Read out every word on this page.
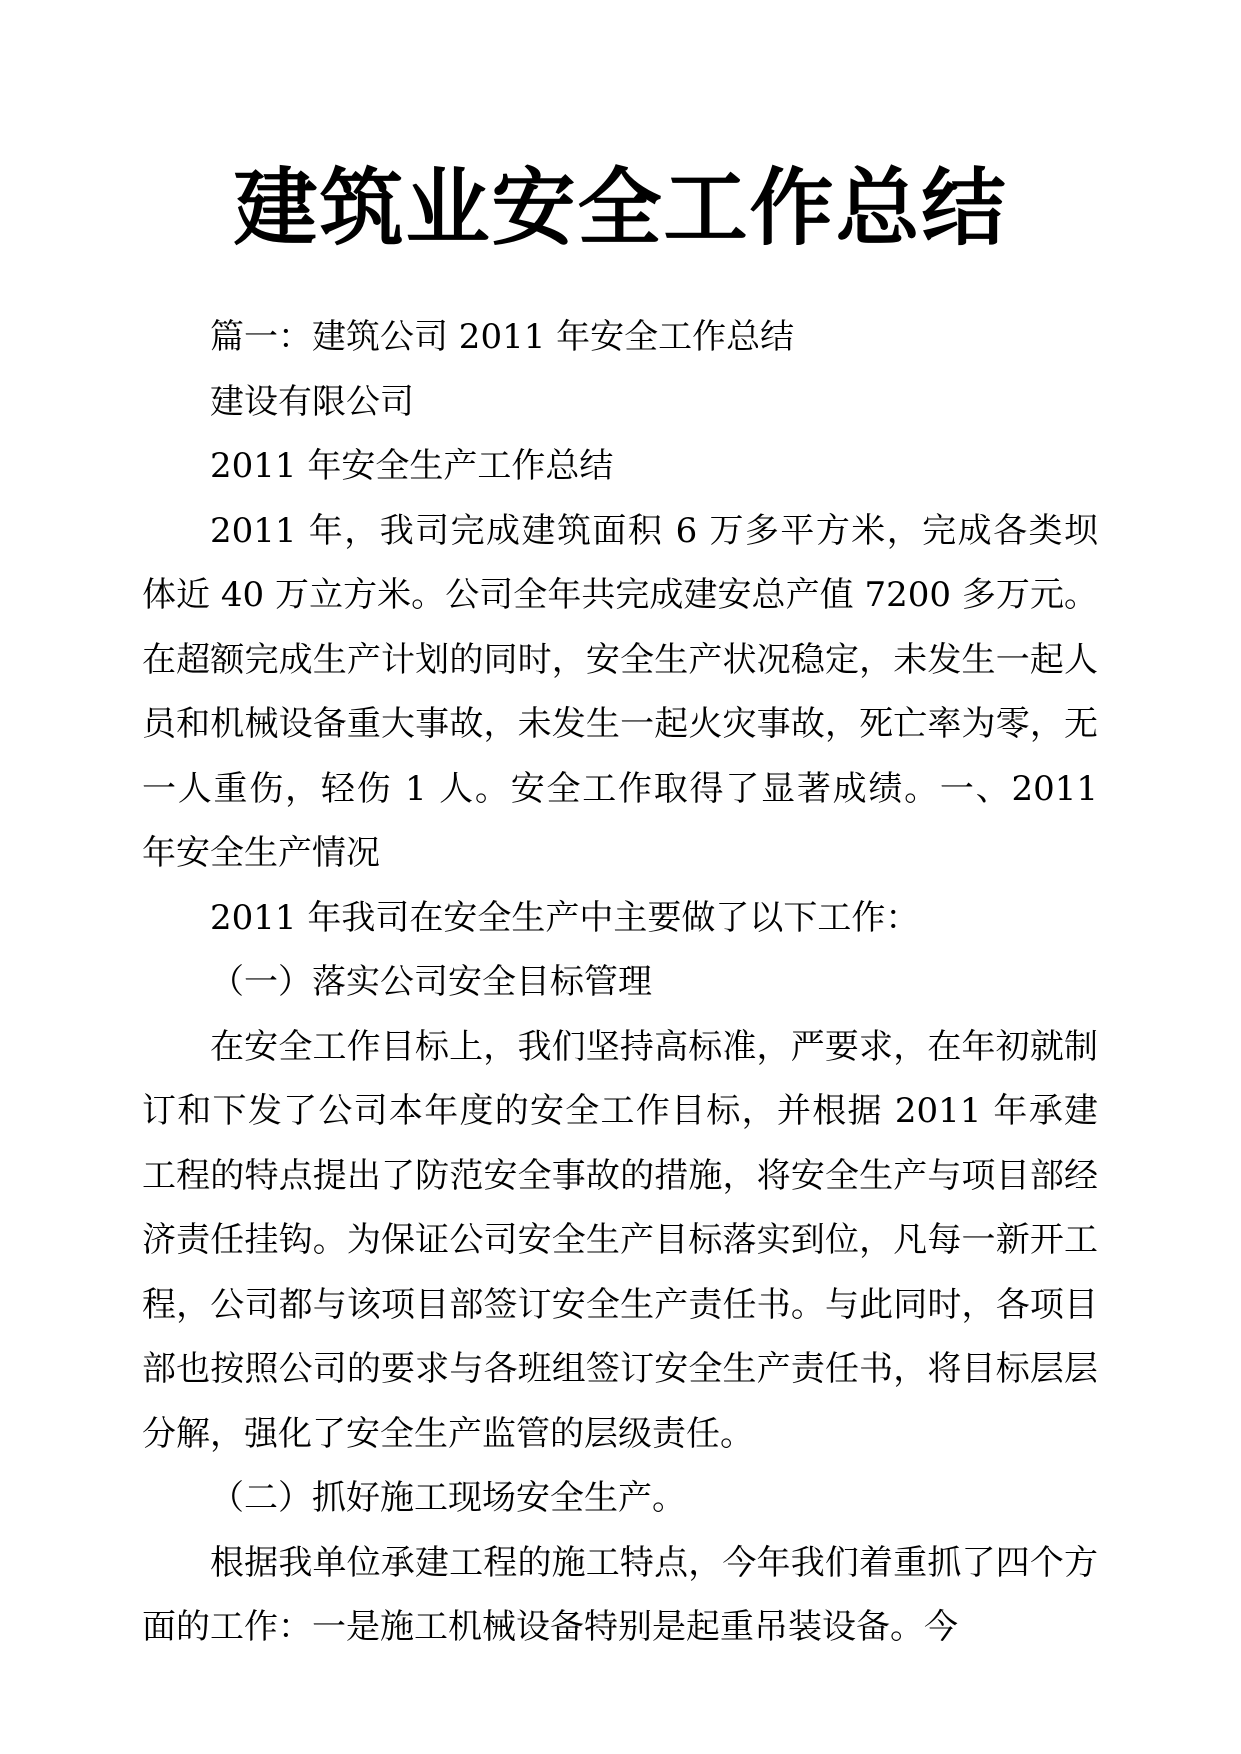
建筑业安全工作总结

篇一：建筑公司 2011 年安全工作总结

建设有限公司

2011 年安全生产工作总结

2011 年，我司完成建筑面积 6 万多平方米，完成各类坝体近 40 万立方米。公司全年共完成建安总产值 7200 多万元。在超额完成生产计划的同时，安全生产状况稳定，未发生一起人员和机械设备重大事故，未发生一起火灾事故，死亡率为零，无一人重伤，轻伤 1 人。安全工作取得了显著成绩。一、2011 年安全生产情况

2011 年我司在安全生产中主要做了以下工作：

（一）落实公司安全目标管理

在安全工作目标上，我们坚持高标准，严要求，在年初就制订和下发了公司本年度的安全工作目标，并根据 2011 年承建工程的特点提出了防范安全事故的措施，将安全生产与项目部经济责任挂钩。为保证公司安全生产目标落实到位，凡每一新开工程，公司都与该项目部签订安全生产责任书。与此同时，各项目部也按照公司的要求与各班组签订安全生产责任书，将目标层层分解，强化了安全生产监管的层级责任。

（二）抓好施工现场安全生产。

根据我单位承建工程的施工特点，今年我们着重抓了四个方面的工作：一是施工机械设备特别是起重吊装设备。今
